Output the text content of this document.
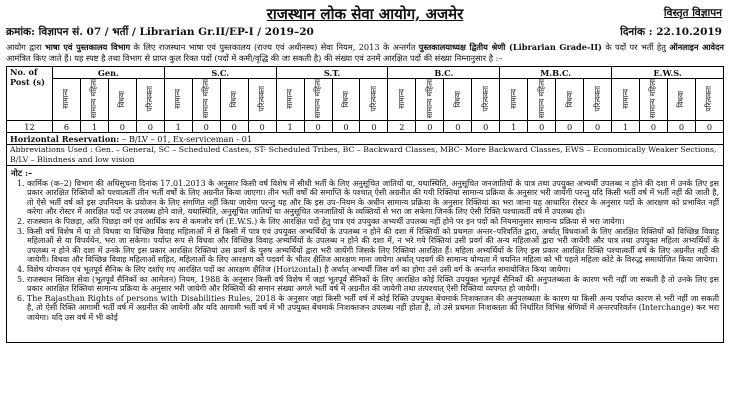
राजस्थान लोक सेवा आयोग, अजमेर	विस्तृत विज्ञापन
क्रमांक: विज्ञापन सं. 07 / भर्ती / Librarian Gr.II/EP-I / 2019–20	दिनांक : 22.10.2019
आयोग द्वारा भाषा एवं पुस्तकालय विभाग के लिए राजस्थान भाषा एवं पुस्तकालय (राज्य एवं अधीनस्थ) सेवा नियम, 2013 के अन्तर्गत पुस्तकालयाध्यक्ष द्वितीय श्रेणी (Librarian Grade-II) के पदों पर भर्ती हेतु ऑनलाइन आवेदन आमंत्रित किए जाते हैं। यह स्पष्ट है तथा विभाग से प्राप्त कुल रिक्त पदों (पदों में कमी/वृद्धि की जा सकती है) की संख्या एवं उनमें आरक्षित पदों की संख्या निम्नानुसार है :–
No. of Post (s)	Gen.				S.C.				S.T.				B.C.				M.B.C.				E.W.S.			
	सामान्य	सामान्य महिला	विधवा	परित्यक्ता	सामान्य	सामान्य महिला	विधवा	परित्यक्ता	सामान्य	सामान्य महिला	विधवा	परित्यक्ता	सामान्य	सामान्य महिला	विधवा	परित्यक्ता	सामान्य	सामान्य महिला	विधवा	परित्यक्ता	सामान्य	सामान्य महिला	विधवा	परित्यक्ता
12	6	1	0	0	1	0	0	0	1	0	0	0	2	0	0	0	1	0	0	0	1	0	0	0
Horizontal Reservation: – B/LV – 01, Ex-serviceman - 01																								
Abbreviations Used : Gen. – General, SC – Scheduled Castes, ST- Scheduled Tribes, BC – Backward Classes, MBC- More Backward Classes, EWS – Economically Weaker Sections, B/LV – Blindness and low vision																								
नोट :–
1. कार्मिक (क–2) विभाग की अधिसूचना दिनांक 17.01.2013 के अनुसार किसी वर्ष विशेष में सीधी भर्ती के लिए अनुसूचित जातियों या, यथास्थिति, अनुसूचित जनजातियों के पात्र तथा उपयुक्त अभ्यर्थी उपलब्ध न होने की दशा में उनके लिए इस प्रकार आरक्षित रिक्तियों को पश्चात्वर्ती तीन भर्ती वर्षों के लिए अग्रनीत किया जाएगा। तीन भर्ती वर्षों की समाप्ति के पश्चात् ऐसी अग्रनीत की गयी रिक्तियां सामान्य प्रक्रिया के अनुसार भरी जायेंगी परन्तु यदि किसी भर्ती वर्ष में भर्ती नहीं की जाती है, तो ऐसे भर्ती वर्ष को इस उपनियम के प्रयोजन के लिए संगणित नहीं किया जायेगा परन्तु यह और कि इस उप–नियम के अधीन सामान्य प्रक्रिया के अनुसार रिक्तियां का भरा जाना यह आधारित रोस्टर के अनुसार पदों के आरक्षण को प्रभावित नहीं करेगा और रोस्टर में आरक्षित पदों पर उपलब्ध होने वाले, यथास्थिति, अनुसूचित जातियों या अनुसूचित जनजातियों के व्यक्तियों से भरा जा सकेगा जिनके लिए ऐसी रिक्ति पश्चात्वर्ती वर्ष में उपलब्ध हो।
2. राजस्थान के पिछड़ा, अति पिछड़ा वर्ग एवं आर्थिक रूप से कमजोर वर्ग (E.W.S.) के लिए आरक्षित पदों हेतु पात्र एवं उपयुक्त अभ्यर्थी उपलब्ध नहीं होने पर इन पदों को नियमानुसार सामान्य प्रक्रिया से भरा जायेगा।
3. किसी वर्ष विशेष में या तो विधवा या विच्छिन्न विवाह महिलाओं में से किसी में पात्र एवं उपयुक्त अभ्यर्थियों के उपलब्ध न होने की दशा में रिक्तियों को प्रथमतः अन्तर–परिवर्तित द्वारा, अर्थात् विधवाओं के लिए आरक्षित रिक्तियों को विच्छिन्न विवाह महिलाओं से या विपर्ययेन, भरा जा सकेगा। पर्याप्त रूप से विधवा और विच्छिन्न विवाह अभ्यर्थियों के उपलब्ध न होने की दशा में, न भरे गये रिक्तियां उसी प्रवर्ग की अन्य महिलाओं द्वारा भरी जायेंगी और पात्र तथा उपयुक्त महिला अभ्यर्थियों के उपलब्ध न होने की दशा में उनके लिए इस प्रकार आरक्षित रिक्तियां उस प्रवर्ग के पुरुष अभ्यर्थियों द्वारा भरी जायेंगी जिसके लिए रिक्तियां आरक्षित हैं। महिला अभ्यर्थियों के लिए इस प्रकार आरक्षित रिक्ति पश्चात्वर्ती वर्ष के लिए अग्रनीत नहीं की जायेगी। विधवा और विच्छिन्न विवाह महिलाओं सहित, महिलाओं के लिए आरक्षण को पदवर्ग के भीतर क्षैतिज आरक्षण माना जायेगा अर्थात् पदवर्ग की सामान्य योग्यता में चयनित महिला को भी पहले महिला कोटे के विरुद्ध समायोजित किया जायेगा।
4. विशेष योग्यजन एवं भूतपूर्व सैनिक के लिए दर्शाए गए आरक्षित पदों का आरक्षण क्षैतिज (Horizontal) है अर्थात् अभ्यर्थी जिस वर्ग का होगा उसे उसी वर्ग के अन्तर्गत समायोजित किया जायेगा।
5. राजस्थान सिविल सेवा (भूतपूर्व सैनिकों का आमेलन) नियम, 1988 के अनुसार किसी वर्ष विशेष में जहां भूतपूर्व सैनिकों के लिए आरक्षित कोई रिक्ति उपयुक्त भूतपूर्व सैनिकों की अनुपलब्धता के कारण भरी नहीं जा सकती है तो उनके लिए इस प्रकार आरक्षित रिक्तियां सामान्य प्रक्रिया के अनुसार भरी जायेगी और रिक्तियों की समान संख्या अगले भर्ती वर्ष में अग्रनीत की जायेगी तथा तत्पश्चात् ऐसी रिक्तियां व्यपगत हो जायेगी।
6. The Rajasthan Rights of persons with Disabilities Rules, 2018 के अनुसार जहां किसी भर्ती वर्ष में कोई रिक्ति उपयुक्त बेंचमार्क निःशक्तजन की अनुपलब्धता के कारण या किसी अन्य पर्याप्त कारण से भरी नहीं जा सकती है, तो ऐसी रिक्ति आगामी भर्ती वर्ष में अग्रनीत की जायेगी और यदि आगामी भर्ती वर्ष में भी उपयुक्त बेंचमार्क निःशक्तजन उपलब्ध नहीं होता है, तो उसे प्रथमतः निःशक्तता की निर्धारित विभिन्न श्रेणियों में अन्तरपरिवर्तन (Interchange) कर भरा जायेगा। यदि उस वर्ष में भी कोई
